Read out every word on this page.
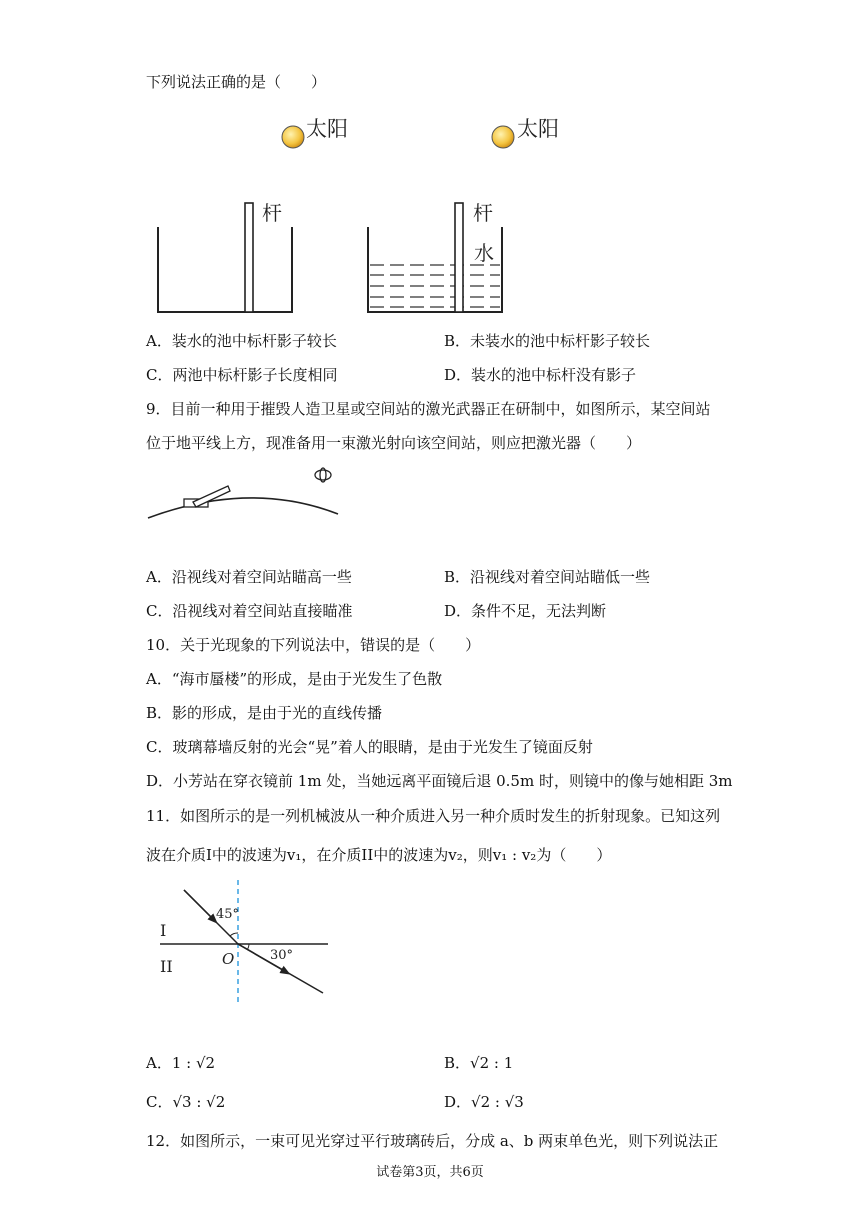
下列说法正确的是（　　）
太阳	太阳
杆	杆
水
A．装水的池中标杆影子较长	B．未装水的池中标杆影子较长
C．两池中标杆影子长度相同	D．装水的池中标杆没有影子
9．目前一种用于摧毁人造卫星或空间站的激光武器正在研制中，如图所示，某空间站
位于地平线上方，现准备用一束激光射向该空间站，则应把激光器（　　）
A．沿视线对着空间站瞄高一些	B．沿视线对着空间站瞄低一些
C．沿视线对着空间站直接瞄准	D．条件不足，无法判断
10．关于光现象的下列说法中，错误的是（　　）
A．“海市蜃楼”的形成，是由于光发生了色散
B．影的形成，是由于光的直线传播
C．玻璃幕墙反射的光会“晃”着人的眼睛，是由于光发生了镜面反射
D．小芳站在穿衣镜前 1m 处，当她远离平面镜后退 0.5m 时，则镜中的像与她相距 3m
11．如图所示的是一列机械波从一种介质进入另一种介质时发生的折射现象。已知这列
波在介质I中的波速为v₁，在介质II中的波速为v₂，则v₁ : v₂为（　　）
45°
30°
I
II	O
A．1 : √2	B．√2 : 1
C．√3 : √2	D．√2 : √3
12．如图所示，一束可见光穿过平行玻璃砖后，分成 a、b 两束单色光，则下列说法正
试卷第3页，共6页
